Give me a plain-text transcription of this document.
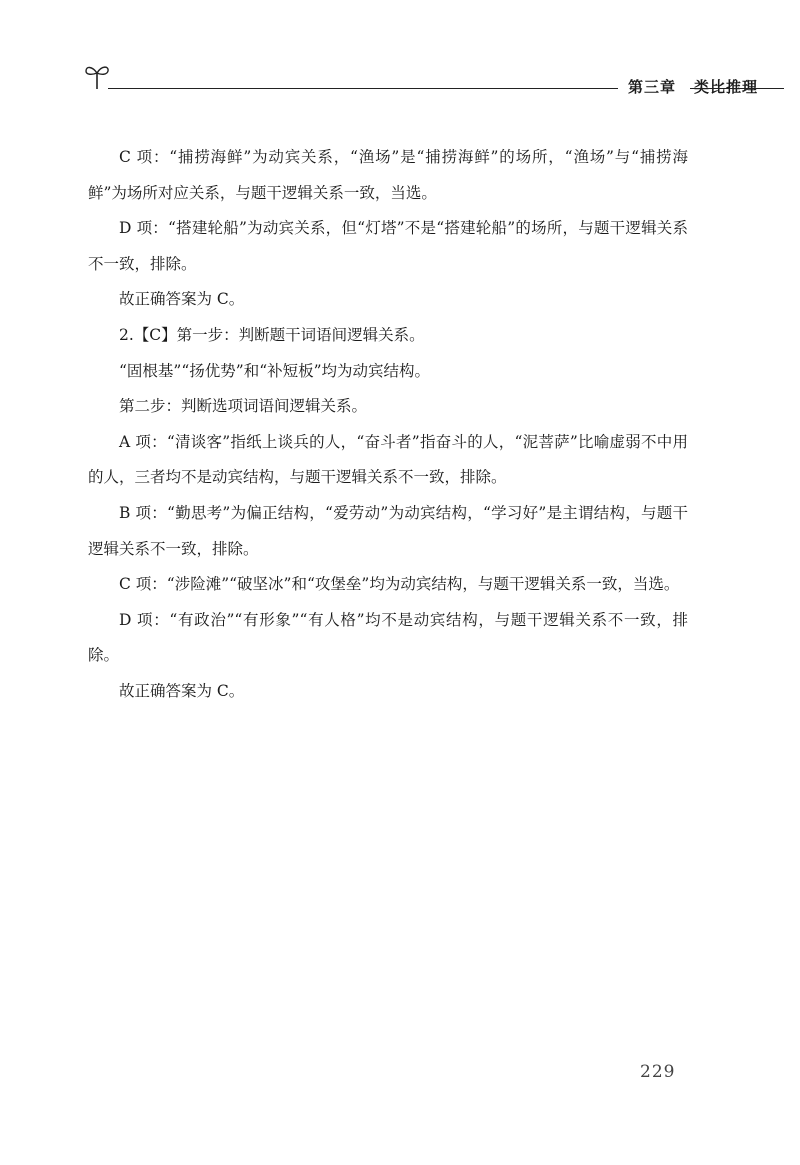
第三章 类比推理

C 项：“捕捞海鲜”为动宾关系，“渔场”是“捕捞海鲜”的场所，“渔场”与“捕捞海鲜”为场所对应关系，与题干逻辑关系一致，当选。

D 项：“搭建轮船”为动宾关系，但“灯塔”不是“搭建轮船”的场所，与题干逻辑关系不一致，排除。

故正确答案为 C。

2.【C】第一步：判断题干词语间逻辑关系。

“固根基”“扬优势”和“补短板”均为动宾结构。

第二步：判断选项词语间逻辑关系。

A 项：“清谈客”指纸上谈兵的人，“奋斗者”指奋斗的人，“泥菩萨”比喻虚弱不中用的人，三者均不是动宾结构，与题干逻辑关系不一致，排除。

B 项：“勤思考”为偏正结构，“爱劳动”为动宾结构，“学习好”是主谓结构，与题干逻辑关系不一致，排除。

C 项：“涉险滩”“破坚冰”和“攻堡垒”均为动宾结构，与题干逻辑关系一致，当选。

D 项：“有政治”“有形象”“有人格”均不是动宾结构，与题干逻辑关系不一致，排除。

故正确答案为 C。

229
